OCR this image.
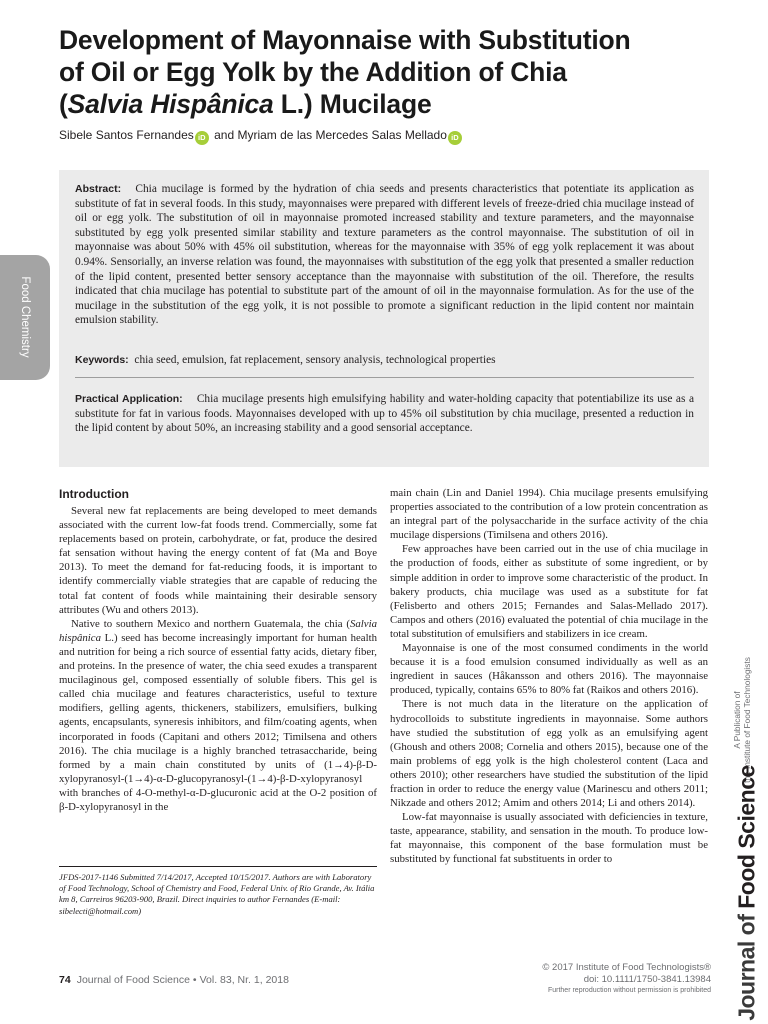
Development of Mayonnaise with Substitution
of Oil or Egg Yolk by the Addition of Chia
(Salvia Hispânica L.) Mucilage
Sibele Santos Fernandes iD and Myriam de las Mercedes Salas Mellado iD
Food Chemistry

Abstract: Chia mucilage is formed by the hydration of chia seeds and presents characteristics that potentiate its application as substitute of fat in several foods. In this study, mayonnaises were prepared with different levels of freeze-dried chia mucilage instead of oil or egg yolk. The substitution of oil in mayonnaise promoted increased stability and texture parameters, and the mayonnaise substituted by egg yolk presented similar stability and texture parameters as the control mayonnaise. The substitution of oil in mayonnaise was about 50% with 45% oil substitution, whereas for the mayonnaise with 35% of egg yolk replacement it was about 0.94%. Sensorially, an inverse relation was found, the mayonnaises with substitution of the egg yolk that presented a smaller reduction of the lipid content, presented better sensory acceptance than the mayonnaise with substitution of the oil. Therefore, the results indicated that chia mucilage has potential to substitute part of the amount of oil in the mayonnaise formulation. As for the use of the mucilage in the substitution of the egg yolk, it is not possible to promote a significant reduction in the lipid content nor maintain emulsion stability.

Keywords: chia seed, emulsion, fat replacement, sensory analysis, technological properties

Practical Application: Chia mucilage presents high emulsifying hability and water-holding capacity that potentiabilize its use as a substitute for fat in various foods. Mayonnaises developed with up to 45% oil substitution by chia mucilage, presented a reduction in the lipid content by about 50%, an increasing stability and a good sensorial acceptance.

Introduction

Several new fat replacements are being developed to meet demands associated with the current low-fat foods trend. Commercially, some fat replacements based on protein, carbohydrate, or fat, produce the desired fat sensation without having the energy content of fat (Ma and Boye 2013). To meet the demand for fat-reducing foods, it is important to identify commercially viable strategies that are capable of reducing the total fat content of foods while maintaining their desirable sensory attributes (Wu and others 2013).

Native to southern Mexico and northern Guatemala, the chia (Salvia hispânica L.) seed has become increasingly important for human health and nutrition for being a rich source of essential fatty acids, dietary fiber, and proteins. In the presence of water, the chia seed exudes a transparent mucilaginous gel, composed essentially of soluble fibers. This gel is called chia mucilage and features characteristics, useful to texture modifiers, gelling agents, thickeners, stabilizers, emulsifiers, bulking agents, encapsulants, syneresis inhibitors, and film/coating agents, when incorporated in foods (Capitani and others 2012; Timilsena and others 2016). The chia mucilage is a highly branched tetrasaccharide, being formed by a main chain constituted by units of (1→4)-β-D-xylopyranosyl-(1→4)-α-D-glucopyranosyl-(1→4)-β-D-xylopyranosyl with branches of 4-O-methyl-α-D-glucuronic acid at the O-2 position of β-D-xylopyranosyl in the

JFDS-2017-1146 Submitted 7/14/2017, Accepted 10/15/2017. Authors are with Laboratory of Food Technology, School of Chemistry and Food, Federal Univ. of Rio Grande, Av. Itália km 8, Carreiros 96203-900, Brazil. Direct inquiries to author Fernandes (E-mail: sibelecti@hotmail.com)

main chain (Lin and Daniel 1994). Chia mucilage presents emulsifying properties associated to the contribution of a low protein concentration as an integral part of the polysaccharide in the surface activity of the chia mucilage dispersions (Timilsena and others 2016).

Few approaches have been carried out in the use of chia mucilage in the production of foods, either as substitute of some ingredient, or by simple addition in order to improve some characteristic of the product. In bakery products, chia mucilage was used as a substitute for fat (Felisberto and others 2015; Fernandes and Salas-Mellado 2017). Campos and others (2016) evaluated the potential of chia mucilage in the total substitution of emulsifiers and stabilizers in ice cream.

Mayonnaise is one of the most consumed condiments in the world because it is a food emulsion consumed individually as well as an ingredient in sauces (Håkansson and others 2016). The mayonnaise produced, typically, contains 65% to 80% fat (Raikos and others 2016).

There is not much data in the literature on the application of hydrocolloids to substitute ingredients in mayonnaise. Some authors have studied the substitution of egg yolk as an emulsifying agent (Ghoush and others 2008; Cornelia and others 2015), because one of the main problems of egg yolk is the high cholesterol content (Laca and others 2010); other researchers have studied the substitution of the lipid fraction in order to reduce the energy value (Marinescu and others 2011; Nikzade and others 2012; Amim and others 2014; Li and others 2014).

Low-fat mayonnaise is usually associated with deficiencies in texture, taste, appearance, stability, and sensation in the mouth. To produce low-fat mayonnaise, this component of the base formulation must be substituted by functional fat substituents in order to

74 Journal of Food Science • Vol. 83, Nr. 1, 2018
© 2017 Institute of Food Technologists®
doi: 10.1111/1750-3841.13984
Further reproduction without permission is prohibited
A Publication of the Institute of Food Technologists
Journal of Food Science
